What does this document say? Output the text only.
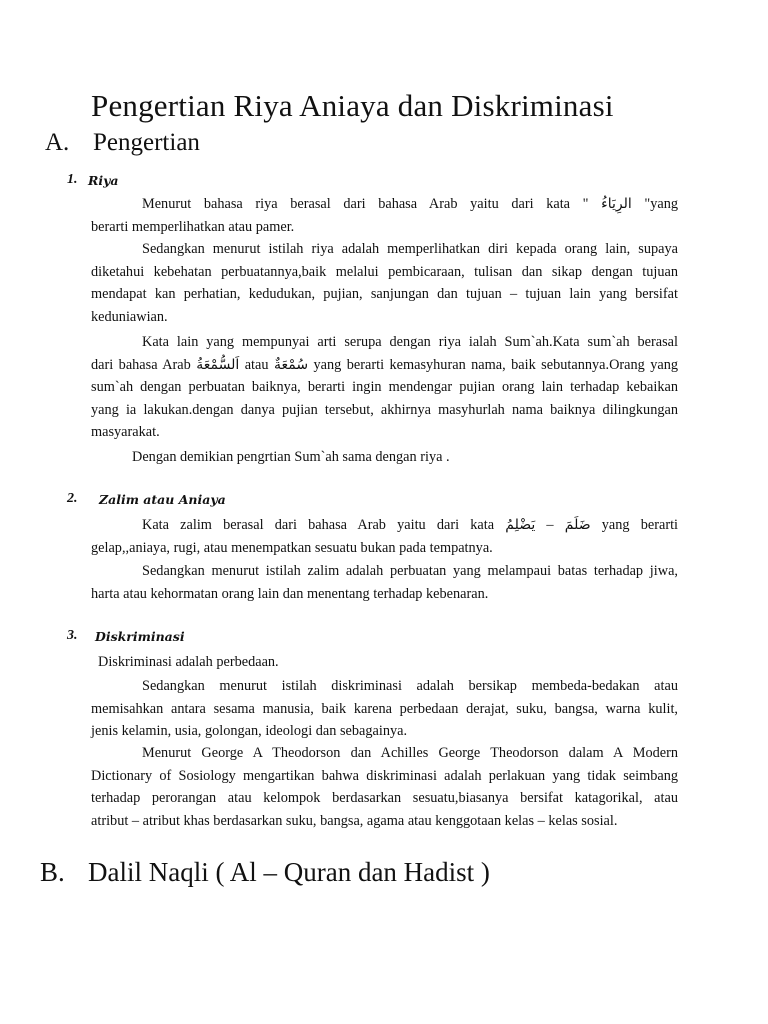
Pengertian Riya Aniaya dan Diskriminasi
A. Pengertian
1. Riya
Menurut bahasa riya berasal dari bahasa Arab yaitu dari kata " الرِيَاءُ "yang
berarti memperlihatkan atau pamer.
Sedangkan menurut istilah riya adalah memperlihatkan diri kepada orang lain, supaya
diketahui kebehatan perbuatannya,baik melalui pembicaraan, tulisan dan sikap dengan tujuan
mendapat kan perhatian, kedudukan, pujian, sanjungan dan tujuan – tujuan lain yang bersifat
keduniawian.
Kata lain yang mempunyai arti serupa dengan riya ialah Sum`ah.Kata sum`ah berasal
dari bahasa Arab اَلسُّمْعَةُ atau سُمْعَةٌ yang berarti kemasyhuran nama, baik sebutannya.Orang yang
sum`ah dengan perbuatan baiknya, berarti ingin mendengar pujian orang lain terhadap kebaikan
yang ia lakukan.dengan danya pujian tersebut, akhirnya masyhurlah nama baiknya dilingkungan
masyarakat.
Dengan demikian pengrtian Sum`ah sama dengan riya .
2. Zalim atau Aniaya
Kata zalim berasal dari bahasa Arab yaitu dari kata يَضْلِمُ – ضَلَمَ yang berarti
gelap,,aniaya, rugi, atau menempatkan sesuatu bukan pada tempatnya.
Sedangkan menurut istilah zalim adalah perbuatan yang melampaui batas terhadap jiwa,
harta atau kehormatan orang lain dan menentang terhadap kebenaran.
3. Diskriminasi
Diskriminasi adalah perbedaan.
Sedangkan menurut istilah diskriminasi adalah bersikap membeda-bedakan atau
memisahkan antara sesama manusia, baik karena perbedaan derajat, suku, bangsa, warna kulit,
jenis kelamin, usia, golongan, ideologi dan sebagainya.
Menurut George A Theodorson dan Achilles George Theodorson dalam A Modern
Dictionary of Sosiology mengartikan bahwa diskriminasi adalah perlakuan yang tidak seimbang
terhadap perorangan atau kelompok berdasarkan sesuatu,biasanya bersifat katagorikal, atau
atribut – atribut khas berdasarkan suku, bangsa, agama atau kenggotaan kelas – kelas sosial.
B. Dalil Naqli ( Al – Quran dan Hadist )
